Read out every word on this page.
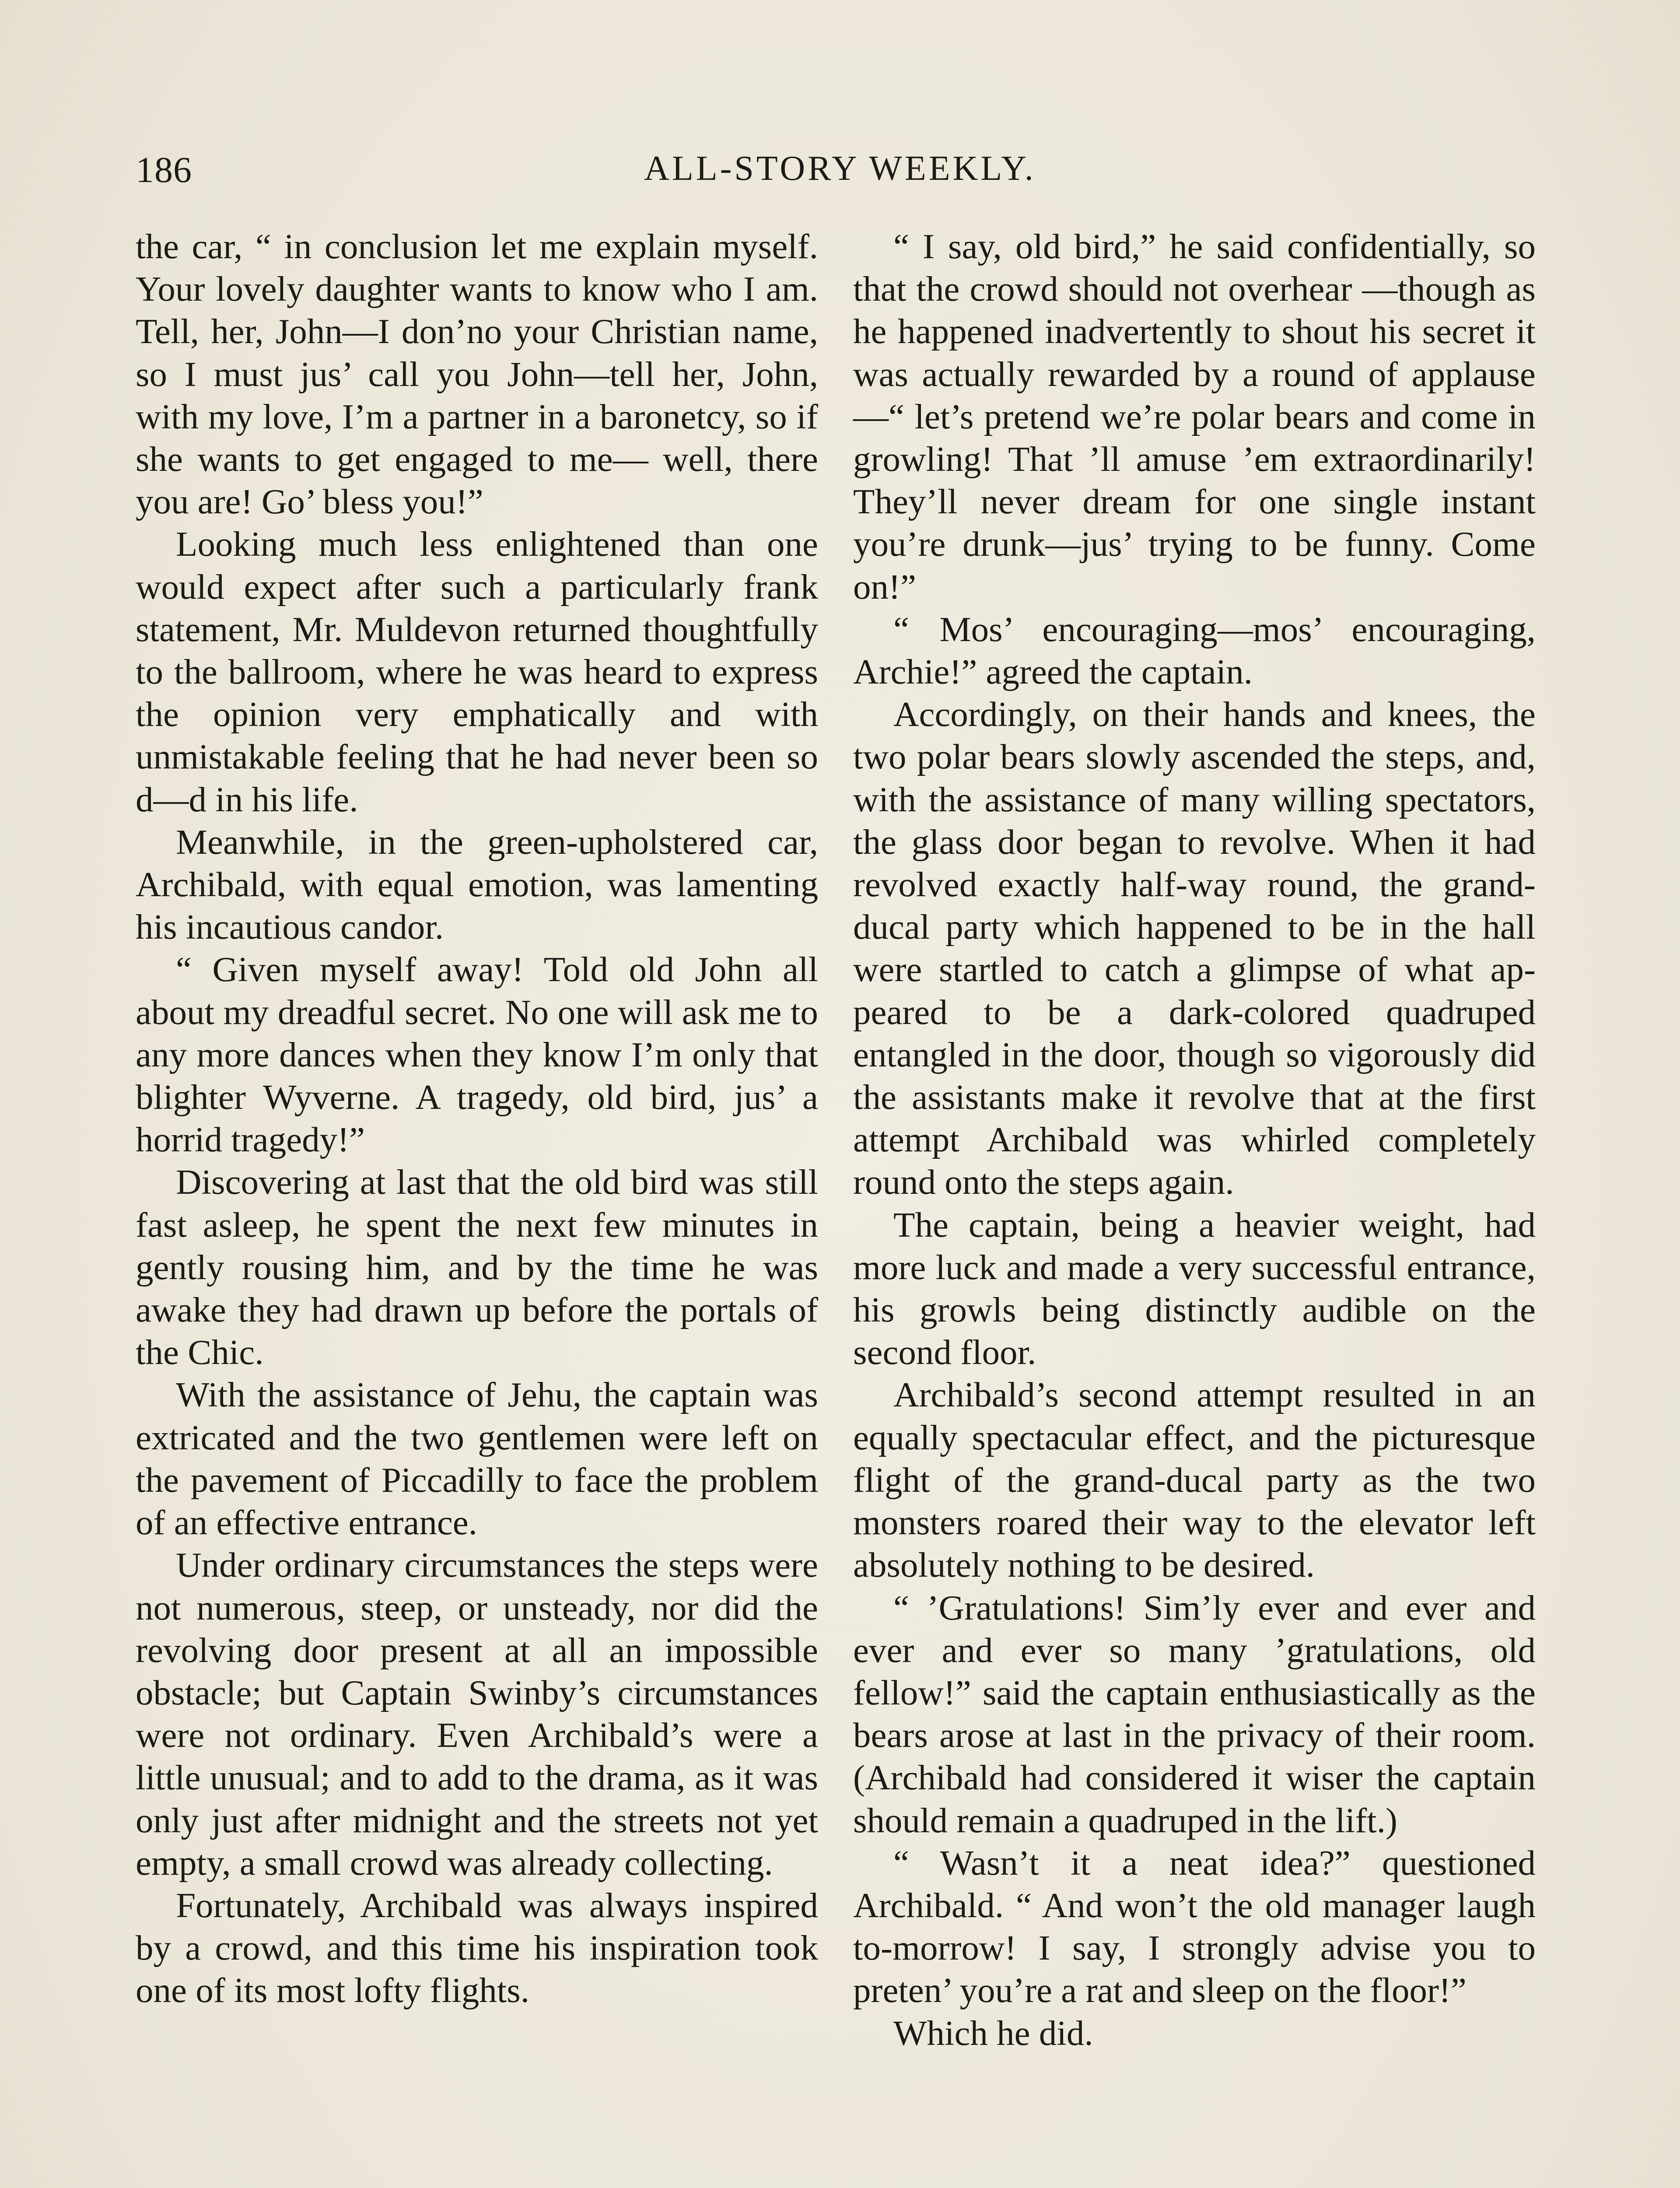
186	ALL-STORY WEEKLY.

the car, “ in conclusion let me explain myself. Your lovely daughter wants to know who I am. Tell, her, John—I don’no your Christian name, so I must jus’ call you John—tell her, John, with my love, I’m a partner in a baronetcy, so if she wants to get engaged to me— well, there you are! Go’ bless you!”

Looking much less enlightened than one would expect after such a particularly frank statement, Mr. Muldevon returned thoughtfully to the ballroom, where he was heard to express the opinion very emphatically and with unmistakable feeling that he had never been so d—d in his life.

Meanwhile, in the green-upholstered car, Archibald, with equal emotion, was lamenting his incautious candor.

“ Given myself away! Told old John all about my dreadful secret. No one will ask me to any more dances when they know I’m only that blighter Wyverne. A tragedy, old bird, jus’ a horrid tragedy!”

Discovering at last that the old bird was still fast asleep, he spent the next few minutes in gently rousing him, and by the time he was awake they had drawn up before the portals of the Chic.

With the assistance of Jehu, the captain was extricated and the two gentlemen were left on the pavement of Piccadilly to face the problem of an effective entrance.

Under ordinary circumstances the steps were not numerous, steep, or unsteady, nor did the revolving door present at all an impossible obstacle; but Captain Swinby’s circumstances were not ordinary. Even Archibald’s were a little unusual; and to add to the drama, as it was only just after midnight and the streets not yet empty, a small crowd was already collecting.

Fortunately, Archibald was always inspired by a crowd, and this time his inspiration took one of its most lofty flights.

“ I say, old bird,” he said confidentially, so that the crowd should not overhear —though as he happened inadvertently to shout his secret it was actually rewarded by a round of applause—“ let’s pretend we’re polar bears and come in growling! That ’ll amuse ’em extraordinarily! They’ll never dream for one single instant you’re drunk—jus’ trying to be funny. Come on!”

“ Mos’ encouraging—mos’ encouraging, Archie!” agreed the captain.

Accordingly, on their hands and knees, the two polar bears slowly ascended the steps, and, with the assistance of many willing spectators, the glass door began to revolve. When it had revolved exactly half-way round, the grand-ducal party which happened to be in the hall were startled to catch a glimpse of what appeared to be a dark-colored quadruped entangled in the door, though so vigorously did the assistants make it revolve that at the first attempt Archibald was whirled completely round onto the steps again.

The captain, being a heavier weight, had more luck and made a very successful entrance, his growls being distinctly audible on the second floor.

Archibald’s second attempt resulted in an equally spectacular effect, and the picturesque flight of the grand-ducal party as the two monsters roared their way to the elevator left absolutely nothing to be desired.

“ ’Gratulations! Sim’ly ever and ever and ever and ever so many ’gratulations, old fellow!” said the captain enthusiastically as the bears arose at last in the privacy of their room. (Archibald had considered it wiser the captain should remain a quadruped in the lift.)

“ Wasn’t it a neat idea?” questioned Archibald. “ And won’t the old manager laugh to-morrow! I say, I strongly advise you to preten’ you’re a rat and sleep on the floor!”

Which he did.
